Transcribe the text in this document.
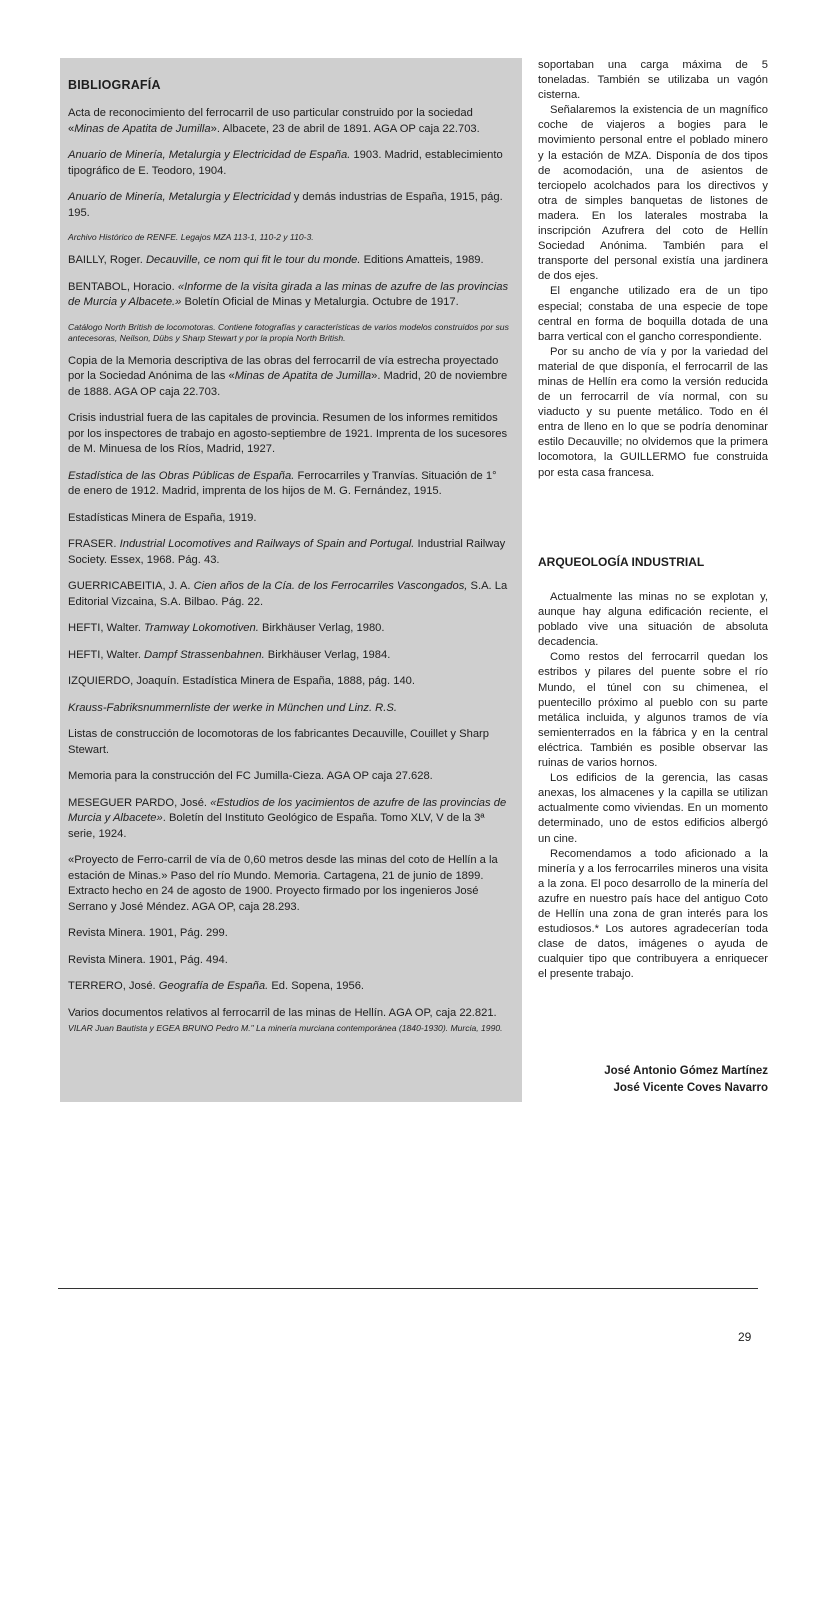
BIBLIOGRAFÍA

Acta de reconocimiento del ferrocarril de uso particular construido por la sociedad «Minas de Apatita de Jumilla». Albacete, 23 de abril de 1891. AGA OP caja 22.703.

Anuario de Minería, Metalurgia y Electricidad de España. 1903. Madrid, establecimiento tipográfico de E. Teodoro, 1904.

Anuario de Minería, Metalurgia y Electricidad y demás industrias de España, 1915, pág. 195.

Archivo Histórico de RENFE. Legajos MZA 113-1, 110-2 y 110-3.

BAILLY, Roger. Decauville, ce nom qui fit le tour du monde. Editions Amatteis, 1989.

BENTABOL, Horacio. «Informe de la visita girada a las minas de azufre de las provincias de Murcia y Albacete.» Boletín Oficial de Minas y Metalurgia. Octubre de 1917.

Catálogo North British de locomotoras. Contiene fotografías y características de varios modelos construidos por sus antecesoras, Neilson, Dübs y Sharp Stewart y por la propia North British.

Copia de la Memoria descriptiva de las obras del ferrocarril de vía estrecha proyectado por la Sociedad Anónima de las «Minas de Apatita de Jumilla». Madrid, 20 de noviembre de 1888. AGA OP caja 22.703.

Crisis industrial fuera de las capitales de provincia. Resumen de los informes remitidos por los inspectores de trabajo en agosto-septiembre de 1921. Imprenta de los sucesores de M. Minuesa de los Ríos, Madrid, 1927.

Estadística de las Obras Públicas de España. Ferrocarriles y Tranvías. Situación de 1° de enero de 1912. Madrid, imprenta de los hijos de M. G. Fernández, 1915.

Estadísticas Minera de España, 1919.

FRASER. Industrial Locomotives and Railways of Spain and Portugal. Industrial Railway Society. Essex, 1968. Pág. 43.

GUERRICABEITIA, J. A. Cien años de la Cía. de los Ferrocarriles Vascongados, S.A. La Editorial Vizcaina, S.A. Bilbao. Pág. 22.

HEFTI, Walter. Tramway Lokomotiven. Birkhäuser Verlag, 1980.

HEFTI, Walter. Dampf Strassenbahnen. Birkhäuser Verlag, 1984.

IZQUIERDO, Joaquín. Estadística Minera de España, 1888, pág. 140.

Krauss-Fabriksnummernliste der werke in München und Linz. R.S.

Listas de construcción de locomotoras de los fabricantes Decauville, Couillet y Sharp Stewart.

Memoria para la construcción del FC Jumilla-Cieza. AGA OP caja 27.628.

MESEGUER PARDO, José. «Estudios de los yacimientos de azufre de las provincias de Murcia y Albacete». Boletín del Instituto Geológico de España. Tomo XLV, V de la 3ª serie, 1924.

«Proyecto de Ferro-carril de vía de 0,60 metros desde las minas del coto de Hellín a la estación de Minas.» Paso del río Mundo. Memoria. Cartagena, 21 de junio de 1899. Extracto hecho en 24 de agosto de 1900. Proyecto firmado por los ingenieros José Serrano y José Méndez. AGA OP, caja 28.293.

Revista Minera. 1901, Pág. 299.

Revista Minera. 1901, Pág. 494.

TERRERO, José. Geografía de España. Ed. Sopena, 1956.

Varios documentos relativos al ferrocarril de las minas de Hellín. AGA OP, caja 22.821.

VILAR Juan Bautista y EGEA BRUNO Pedro M." La minería murciana contemporánea (1840-1930). Murcia, 1990.

soportaban una carga máxima de 5 toneladas. También se utilizaba un vagón cisterna.

Señalaremos la existencia de un magnífico coche de viajeros a bogies para le movimiento personal entre el poblado minero y la estación de MZA. Disponía de dos tipos de acomodación, una de asientos de terciopelo acolchados para los directivos y otra de simples banquetas de listones de madera. En los laterales mostraba la inscripción Azufrera del coto de Hellín Sociedad Anónima. También para el transporte del personal existía una jardinera de dos ejes.

El enganche utilizado era de un tipo especial; constaba de una especie de tope central en forma de boquilla dotada de una barra vertical con el gancho correspondiente.

Por su ancho de vía y por la variedad del material de que disponía, el ferrocarril de las minas de Hellín era como la versión reducida de un ferrocarril de vía normal, con su viaducto y su puente metálico. Todo en él entra de lleno en lo que se podría denominar estilo Decauville; no olvidemos que la primera locomotora, la GUILLERMO fue construida por esta casa francesa.

ARQUEOLOGÍA INDUSTRIAL

Actualmente las minas no se explotan y, aunque hay alguna edificación reciente, el poblado vive una situación de absoluta decadencia.

Como restos del ferrocarril quedan los estribos y pilares del puente sobre el río Mundo, el túnel con su chimenea, el puentecillo próximo al pueblo con su parte metálica incluida, y algunos tramos de vía semienterrados en la fábrica y en la central eléctrica. También es posible observar las ruinas de varios hornos.

Los edificios de la gerencia, las casas anexas, los almacenes y la capilla se utilizan actualmente como viviendas. En un momento determinado, uno de estos edificios albergó un cine.

Recomendamos a todo aficionado a la minería y a los ferrocarriles mineros una visita a la zona. El poco desarrollo de la minería del azufre en nuestro país hace del antiguo Coto de Hellín una zona de gran interés para los estudiosos.* Los autores agradecerían toda clase de datos, imágenes o ayuda de cualquier tipo que contribuyera a enriquecer el presente trabajo.

José Antonio Gómez Martínez
José Vicente Coves Navarro
29
